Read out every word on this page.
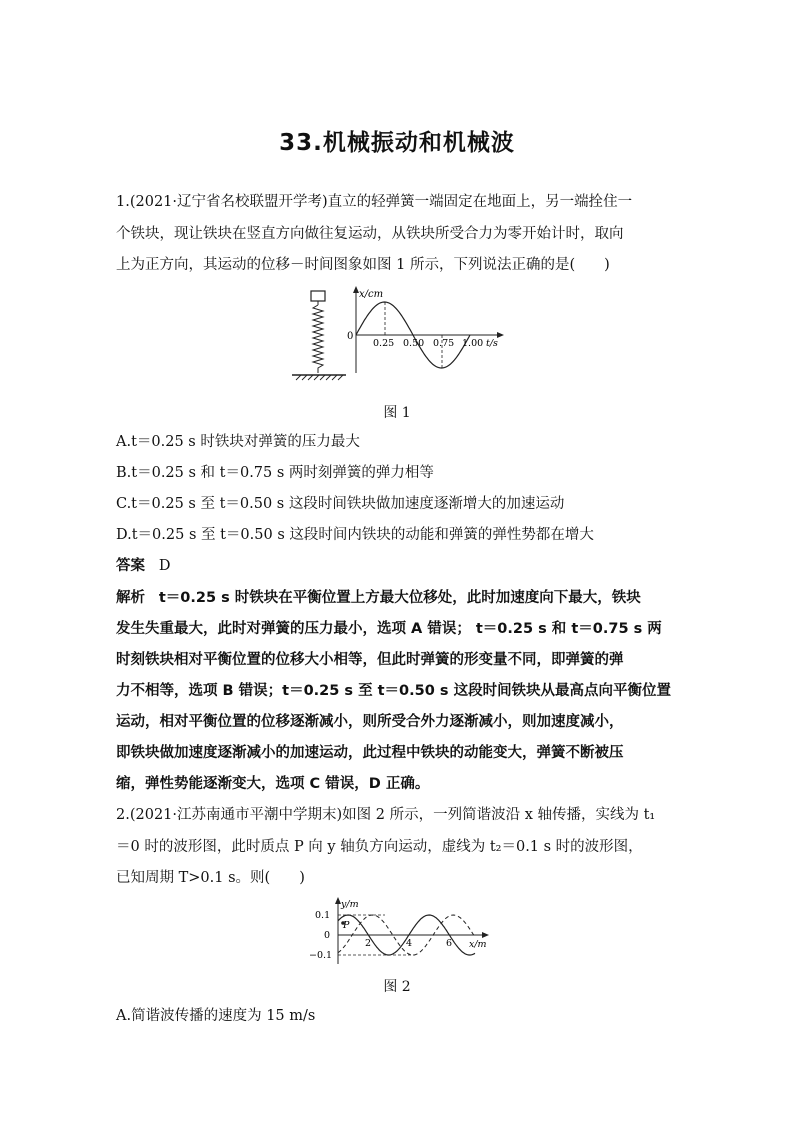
33.机械振动和机械波
1.(2021·辽宁省名校联盟开学考)直立的轻弹簧一端固定在地面上，另一端拴住一
个铁块，现让铁块在竖直方向做往复运动，从铁块所受合力为零开始计时，取向
上为正方向，其运动的位移－时间图象如图 1 所示，下列说法正确的是(　　)
x/cm
0
0.25 0.50 0.75 1.00 t/s
图 1
A.t＝0.25 s 时铁块对弹簧的压力最大
B.t＝0.25 s 和 t＝0.75 s 两时刻弹簧的弹力相等
C.t＝0.25 s 至 t＝0.50 s 这段时间铁块做加速度逐渐增大的加速运动
D.t＝0.25 s 至 t＝0.50 s 这段时间内铁块的动能和弹簧的弹性势都在增大
答案 D
解析 t＝0.25 s 时铁块在平衡位置上方最大位移处，此时加速度向下最大，铁块
发生失重最大，此时对弹簧的压力最小，选项 A 错误； t＝0.25 s 和 t＝0.75 s 两
时刻铁块相对平衡位置的位移大小相等，但此时弹簧的形变量不同，即弹簧的弹
力不相等，选项 B 错误；t＝0.25 s 至 t＝0.50 s 这段时间铁块从最高点向平衡位置
运动，相对平衡位置的位移逐渐减小，则所受合外力逐渐减小，则加速度减小，
即铁块做加速度逐渐减小的加速运动，此过程中铁块的动能变大，弹簧不断被压
缩，弹性势能逐渐变大，选项 C 错误，D 正确。
2.(2021·江苏南通市平潮中学期末)如图 2 所示，一列简谐波沿 x 轴传播，实线为 t₁
＝0 时的波形图，此时质点 P 向 y 轴负方向运动，虚线为 t₂＝0.1 s 时的波形图，
已知周期 T>0.1 s。则(　　)
y/m
x/m
0.1
0
−0.1
P
2	4	6
图 2
A.简谐波传播的速度为 15 m/s
